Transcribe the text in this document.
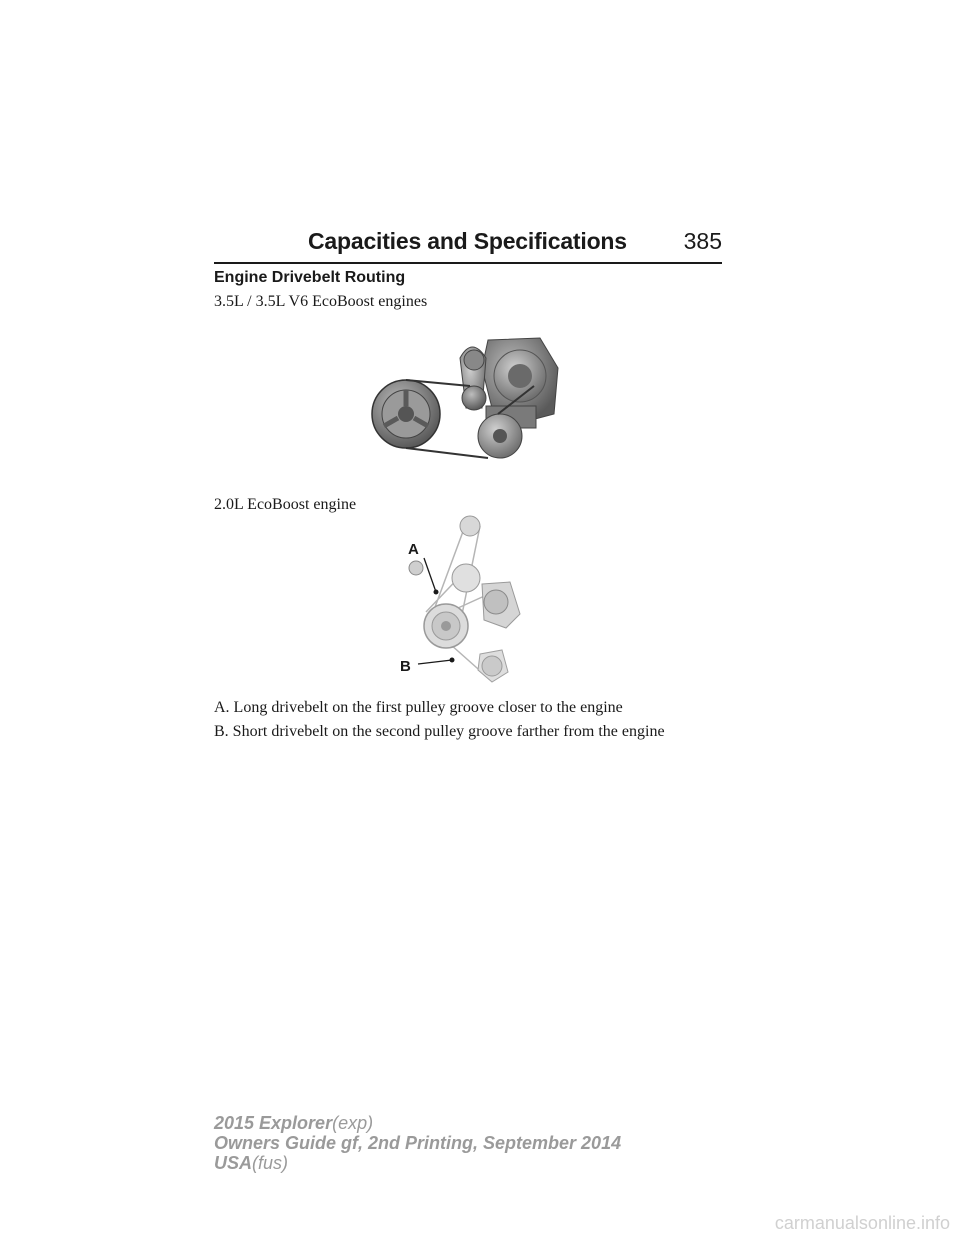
Capacities and Specifications 385
Engine Drivebelt Routing
3.5L / 3.5L V6 EcoBoost engines
2.0L EcoBoost engine
A
B
A. Long drivebelt on the first pulley groove closer to the engine
B. Short drivebelt on the second pulley groove farther from the engine
2015 Explorer(exp)
Owners Guide gf, 2nd Printing, September 2014
USA(fus)
carmanualsonline.info
